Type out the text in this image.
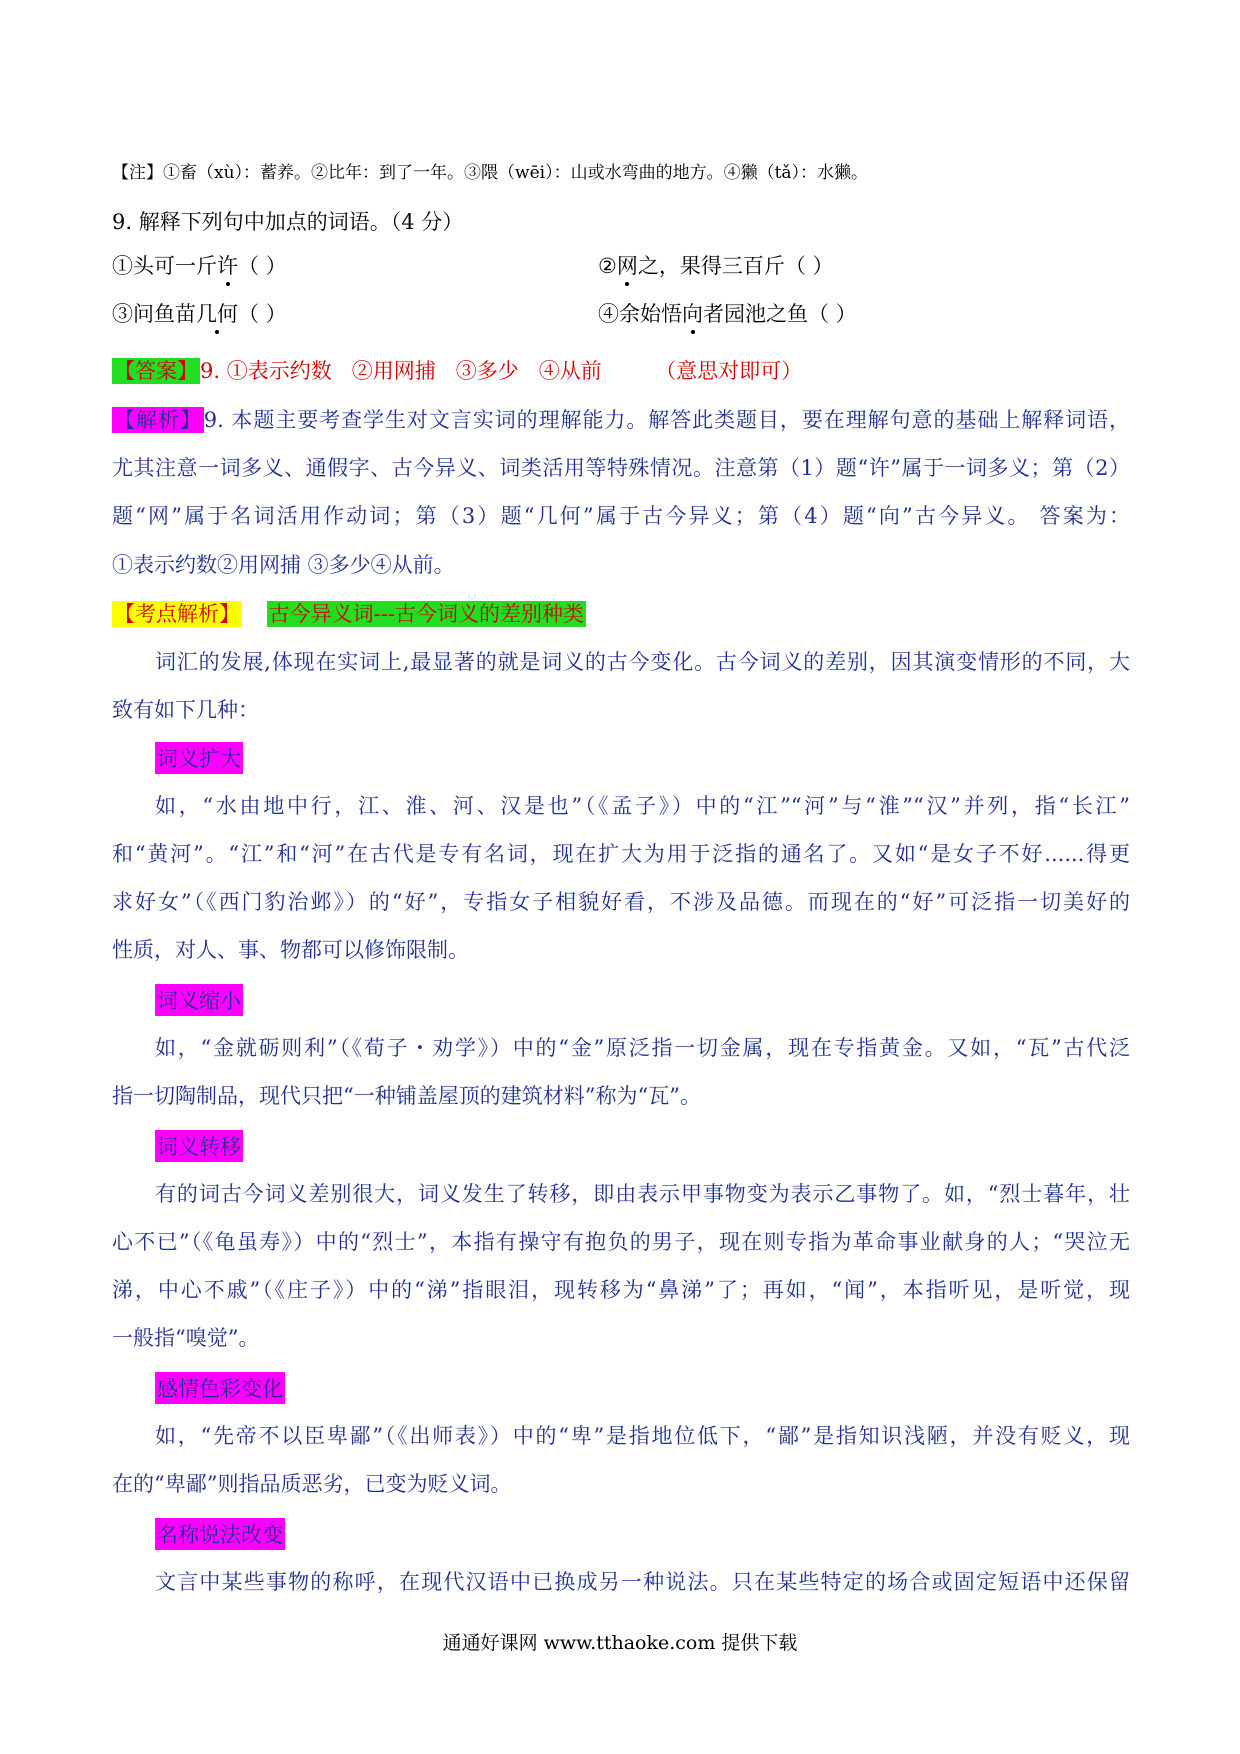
【注】①畜（xù）：蓄养。②比年：到了一年。③隈（wēi）：山或水弯曲的地方。④獭（tǎ）：水獭。
9. 解释下列句中加点的词语。（4 分）
①头可一斤许（ ）	②网之，果得三百斤（ ）
③问鱼苗几何（ ）	④余始悟向者园池之鱼（ ）
【答案】9. ①表示约数   ②用网捕   ③多少   ④从前        （意思对即可）
【解析】9. 本题主要考查学生对文言实词的理解能力。解答此类题目，要在理解句意的基础上解释词语，
尤其注意一词多义、通假字、古今异义、词类活用等特殊情况。注意第（1）题“许”属于一词多义；第（2）
题“网”属于名词活用作动词；第（3）题“几何”属于古今异义；第（4）题“向”古今异义。 答案为：
①表示约数②用网捕 ③多少④从前。
【考点解析】 古今异义词---古今词义的差别种类
词汇的发展,体现在实词上,最显著的就是词义的古今变化。古今词义的差别，因其演变情形的不同，大
致有如下几种：
词义扩大
如，“水由地中行，江、淮、河、汉是也”（《孟子》）中的“江”“河”与“淮”“汉”并列，指“长江”
和“黄河”。“江”和“河”在古代是专有名词，现在扩大为用于泛指的通名了。又如“是女子不好......得更
求好女”（《西门豹治邺》）的“好”，专指女子相貌好看，不涉及品德。而现在的“好”可泛指一切美好的
性质，对人、事、物都可以修饰限制。
词义缩小
如，“金就砺则利”（《荀子・劝学》）中的“金”原泛指一切金属，现在专指黄金。又如，“瓦”古代泛
指一切陶制品，现代只把“一种铺盖屋顶的建筑材料”称为“瓦”。
词义转移
有的词古今词义差别很大，词义发生了转移，即由表示甲事物变为表示乙事物了。如，“烈士暮年，壮
心不已”（《龟虽寿》）中的“烈士”，本指有操守有抱负的男子，现在则专指为革命事业献身的人；“哭泣无
涕，中心不戚”（《庄子》）中的“涕”指眼泪，现转移为“鼻涕”了；再如，“闻”，本指听见，是听觉，现
一般指“嗅觉”。
感情色彩变化
如，“先帝不以臣卑鄙”（《出师表》）中的“卑”是指地位低下，“鄙”是指知识浅陋，并没有贬义，现
在的“卑鄙”则指品质恶劣，已变为贬义词。
名称说法改变
文言中某些事物的称呼，在现代汉语中已换成另一种说法。只在某些特定的场合或固定短语中还保留
通通好课网 www.tthaoke.com 提供下载
